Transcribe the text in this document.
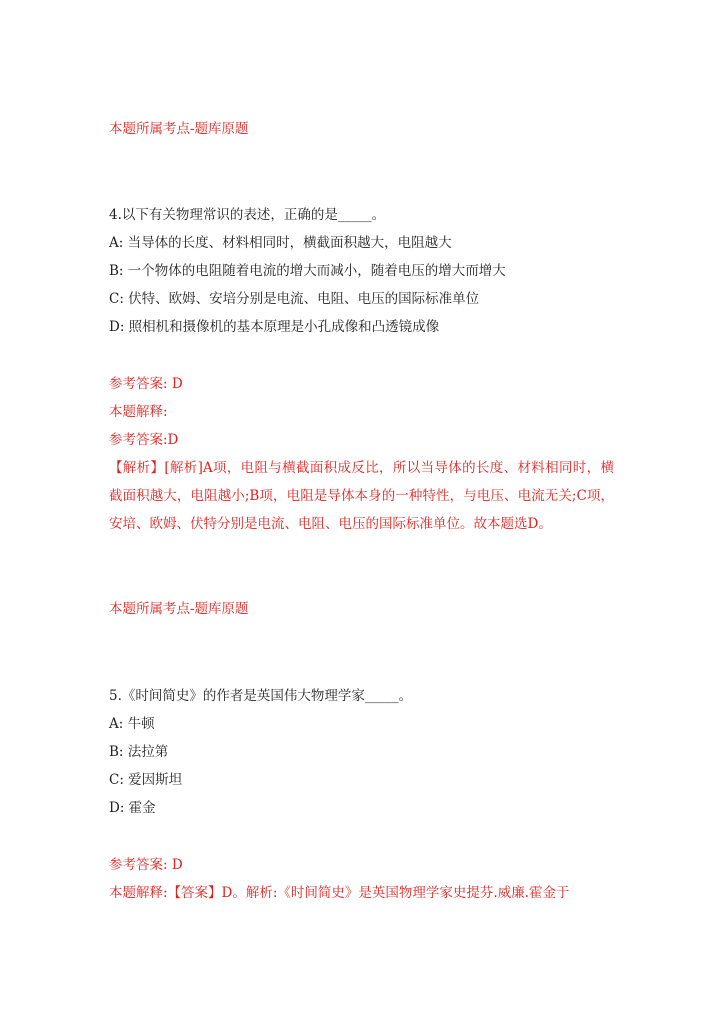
本题所属考点-题库原题

4.以下有关物理常识的表述，正确的是_____。

A: 当导体的长度、材料相同时，横截面积越大，电阻越大

B: 一个物体的电阻随着电流的增大而减小，随着电压的增大而增大

C: 伏特、欧姆、安培分别是电流、电阻、电压的国际标准单位

D: 照相机和摄像机的基本原理是小孔成像和凸透镜成像

参考答案: D

本题解释:

参考答案:D

【解析】[解析]A项，电阻与横截面积成反比，所以当导体的长度、材料相同时，横截面积越大，电阻越小;B项，电阻是导体本身的一种特性，与电压、电流无关;C项，安培、欧姆、伏特分别是电流、电阻、电压的国际标准单位。故本题选D。

本题所属考点-题库原题

5.《时间简史》的作者是英国伟大物理学家_____。

A: 牛顿

B: 法拉第

C: 爱因斯坦

D: 霍金

参考答案: D

本题解释:【答案】D。解析:《时间简史》是英国物理学家史提芬.威廉.霍金于
